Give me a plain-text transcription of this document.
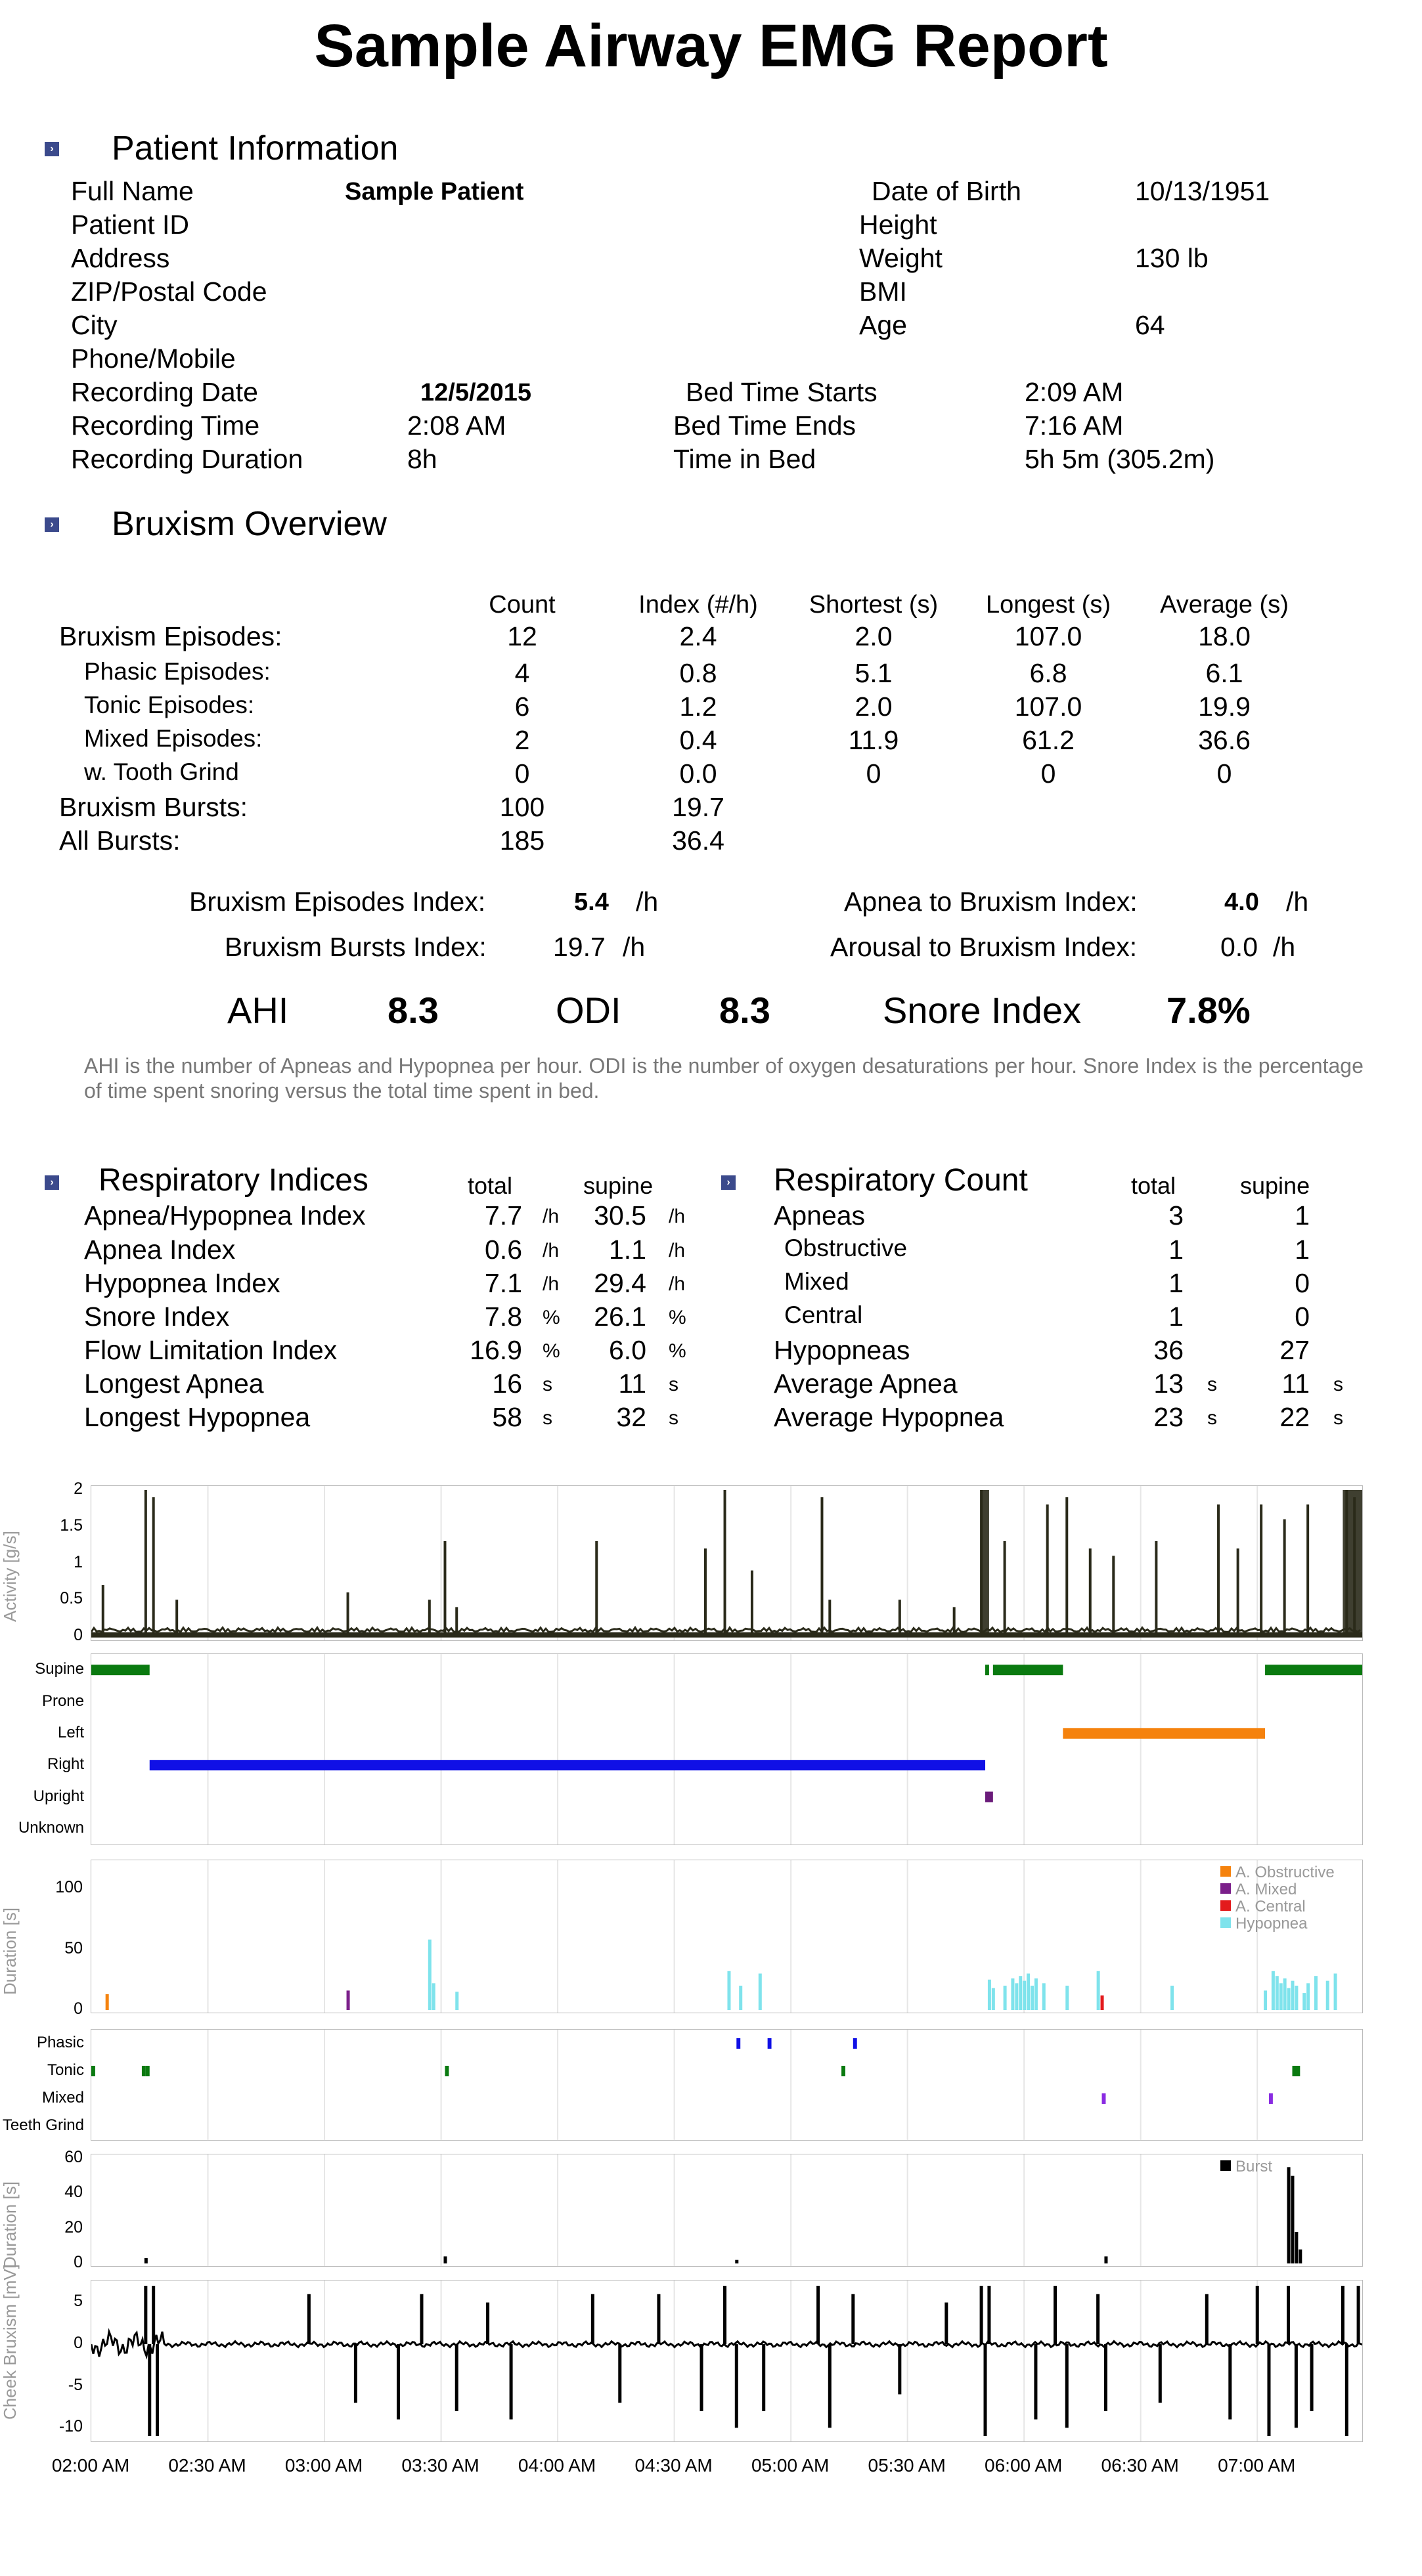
Sample Airway EMG Report
› Patient Information
Full Name	Sample Patient
Patient ID
Address
ZIP/Postal Code
City
Phone/Mobile
Recording Date	12/5/2015
Recording Time	2:08 AM
Recording Duration	8h
Date of Birth	10/13/1951
Height
Weight	130 lb
BMI
Age	64
Bed Time Starts	2:09 AM
Bed Time Ends	7:16 AM
Time in Bed	5h 5m (305.2m)
› Bruxism Overview
Count	Index (#/h)	Shortest (s)	Longest (s)	Average (s)
Bruxism Episodes:	12	2.4	2.0	107.0	18.0
Phasic Episodes:	4	0.8	5.1	6.8	6.1
Tonic Episodes:	6	1.2	2.0	107.0	19.9
Mixed Episodes:	2	0.4	11.9	61.2	36.6
w. Tooth Grind	0	0.0	0	0	0
Bruxism Bursts:	100	19.7
All Bursts:	185	36.4
Bruxism Episodes Index:	5.4 /h
Bruxism Bursts Index: 19.7 /h
Apnea to Bruxism Index:	4.0 /h
Arousal to Bruxism Index:	0.0 /h
AHI	8.3	ODI	8.3	Snore Index 7.8%
AHI is the number of Apneas and Hypopnea per hour. ODI is the number of oxygen desaturations per hour. Snore Index is the percentage of time spent snoring versus the total time spent in bed.
› Respiratory Indices	total	supine
Apnea/Hypopnea Index	7.7 /h	30.5 /h
Apnea Index	0.6 /h	1.1 /h
Hypopnea Index	7.1 /h	29.4 /h
Snore Index	7.8 %	26.1 %
Flow Limitation Index	16.9 %	6.0 %
Longest Apnea	16 s	11 s
Longest Hypopnea	58 s	32 s
› Respiratory Count	total	supine
Apneas	3	1
Obstructive	1	1
Mixed	1	0
Central	1	0
Hypopneas	36	27
Average Apnea	13 s	11 s
Average Hypopnea	23 s	22 s
2
1.5
1
0.5
0
Activity [g/s]
Supine
Prone
Left
Right
Upright
Unknown
Phasic
Tonic
Mixed
Teeth Grind
100
50
0
Duration [s]
A. Obstructive
A. Mixed
A. Central
Hypopnea
60
40
20
0
Duration [s]
Burst
5
0
-5
-10
Cheek Bruxism [mV]
02:00 AM	02:30 AM	03:00 AM	03:30 AM	04:00 AM	04:30 AM	05:00 AM	05:30 AM	06:00 AM	06:30 AM	07:00 AM
